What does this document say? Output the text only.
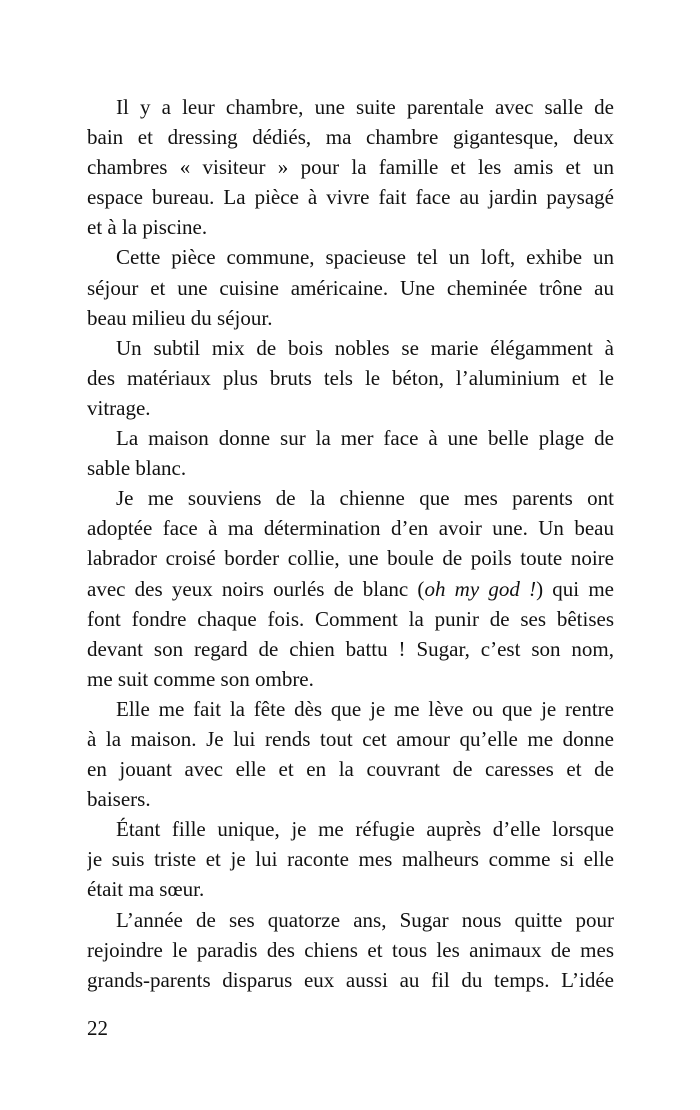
Il y a leur chambre, une suite parentale avec salle de
bain et dressing dédiés, ma chambre gigantesque, deux
chambres « visiteur » pour la famille et les amis et un
espace bureau. La pièce à vivre fait face au jardin paysagé
et à la piscine.
Cette pièce commune, spacieuse tel un loft, exhibe un
séjour et une cuisine américaine. Une cheminée trône au
beau milieu du séjour.
Un subtil mix de bois nobles se marie élégamment à
des matériaux plus bruts tels le béton, l’aluminium et le
vitrage.
La maison donne sur la mer face à une belle plage de
sable blanc.
Je me souviens de la chienne que mes parents ont
adoptée face à ma détermination d’en avoir une. Un beau
labrador croisé border collie, une boule de poils toute noire
avec des yeux noirs ourlés de blanc (oh my god !) qui me
font fondre chaque fois. Comment la punir de ses bêtises
devant son regard de chien battu ! Sugar, c’est son nom,
me suit comme son ombre.
Elle me fait la fête dès que je me lève ou que je rentre
à la maison. Je lui rends tout cet amour qu’elle me donne
en jouant avec elle et en la couvrant de caresses et de
baisers.
Étant fille unique, je me réfugie auprès d’elle lorsque
je suis triste et je lui raconte mes malheurs comme si elle
était ma sœur.
L’année de ses quatorze ans, Sugar nous quitte pour
rejoindre le paradis des chiens et tous les animaux de mes
grands-parents disparus eux aussi au fil du temps. L’idée
22
